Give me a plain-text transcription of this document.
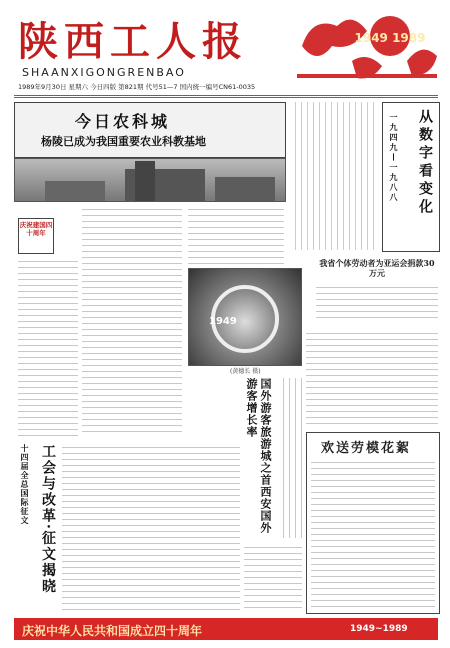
陕西工人报
SHAANXIGONGRENBAO
1989年9月30日 星期六 今日四版 第821期 代号51—7 国内统一编号CN61-0035
1949 1989
今日农科城
杨陵已成为我国重要农业科教基地	从数字看变化
一九四九—一九八八
庆祝建国四十周年
1949
(黄德长 摄)
我省个体劳动者为亚运会捐款30万元
国外游客旅游城之首西安国外游客增长率
十四届全总国际征文 工会与改革·征文揭晓	欢送劳模花絮
庆祝中华人民共和国成立四十周年	1949~1989
